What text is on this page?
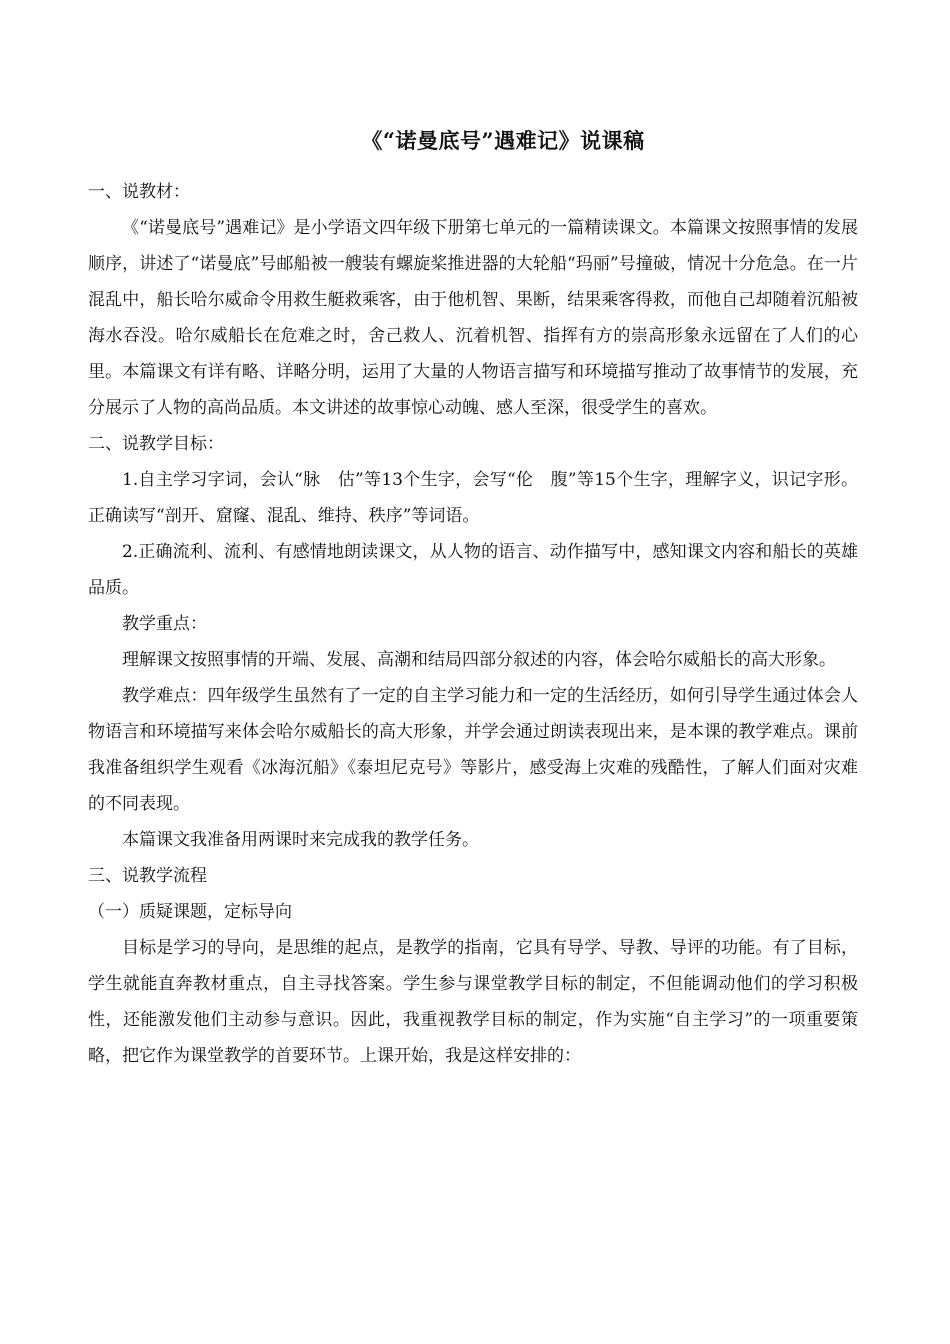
《“诺曼底号”遇难记》说课稿

一、说教材：

《“诺曼底号”遇难记》是小学语文四年级下册第七单元的一篇精读课文。本篇课文按照事情的发展顺序，讲述了“诺曼底”号邮船被一艘装有螺旋桨推进器的大轮船“玛丽”号撞破，情况十分危急。在一片混乱中，船长哈尔威命令用救生艇救乘客，由于他机智、果断，结果乘客得救，而他自己却随着沉船被海水吞没。哈尔威船长在危难之时，舍己救人、沉着机智、指挥有方的崇高形象永远留在了人们的心里。本篇课文有详有略、详略分明，运用了大量的人物语言描写和环境描写推动了故事情节的发展，充分展示了人物的高尚品质。本文讲述的故事惊心动魄、感人至深，很受学生的喜欢。

二、说教学目标：

1.自主学习字词，会认“脉　估”等13个生字，会写“伦　腹”等15个生字，理解字义，识记字形。正确读写“剖开、窟窿、混乱、维持、秩序”等词语。

2.正确流利、流利、有感情地朗读课文，从人物的语言、动作描写中，感知课文内容和船长的英雄品质。

教学重点：

理解课文按照事情的开端、发展、高潮和结局四部分叙述的内容，体会哈尔威船长的高大形象。

教学难点：四年级学生虽然有了一定的自主学习能力和一定的生活经历，如何引导学生通过体会人物语言和环境描写来体会哈尔威船长的高大形象，并学会通过朗读表现出来，是本课的教学难点。课前我准备组织学生观看《冰海沉船》《泰坦尼克号》等影片，感受海上灾难的残酷性，了解人们面对灾难的不同表现。

本篇课文我准备用两课时来完成我的教学任务。

三、说教学流程

（一）质疑课题，定标导向

目标是学习的导向，是思维的起点，是教学的指南，它具有导学、导教、导评的功能。有了目标，学生就能直奔教材重点，自主寻找答案。学生参与课堂教学目标的制定，不但能调动他们的学习积极性，还能激发他们主动参与意识。因此，我重视教学目标的制定，作为实施“自主学习”的一项重要策略，把它作为课堂教学的首要环节。上课开始，我是这样安排的：
